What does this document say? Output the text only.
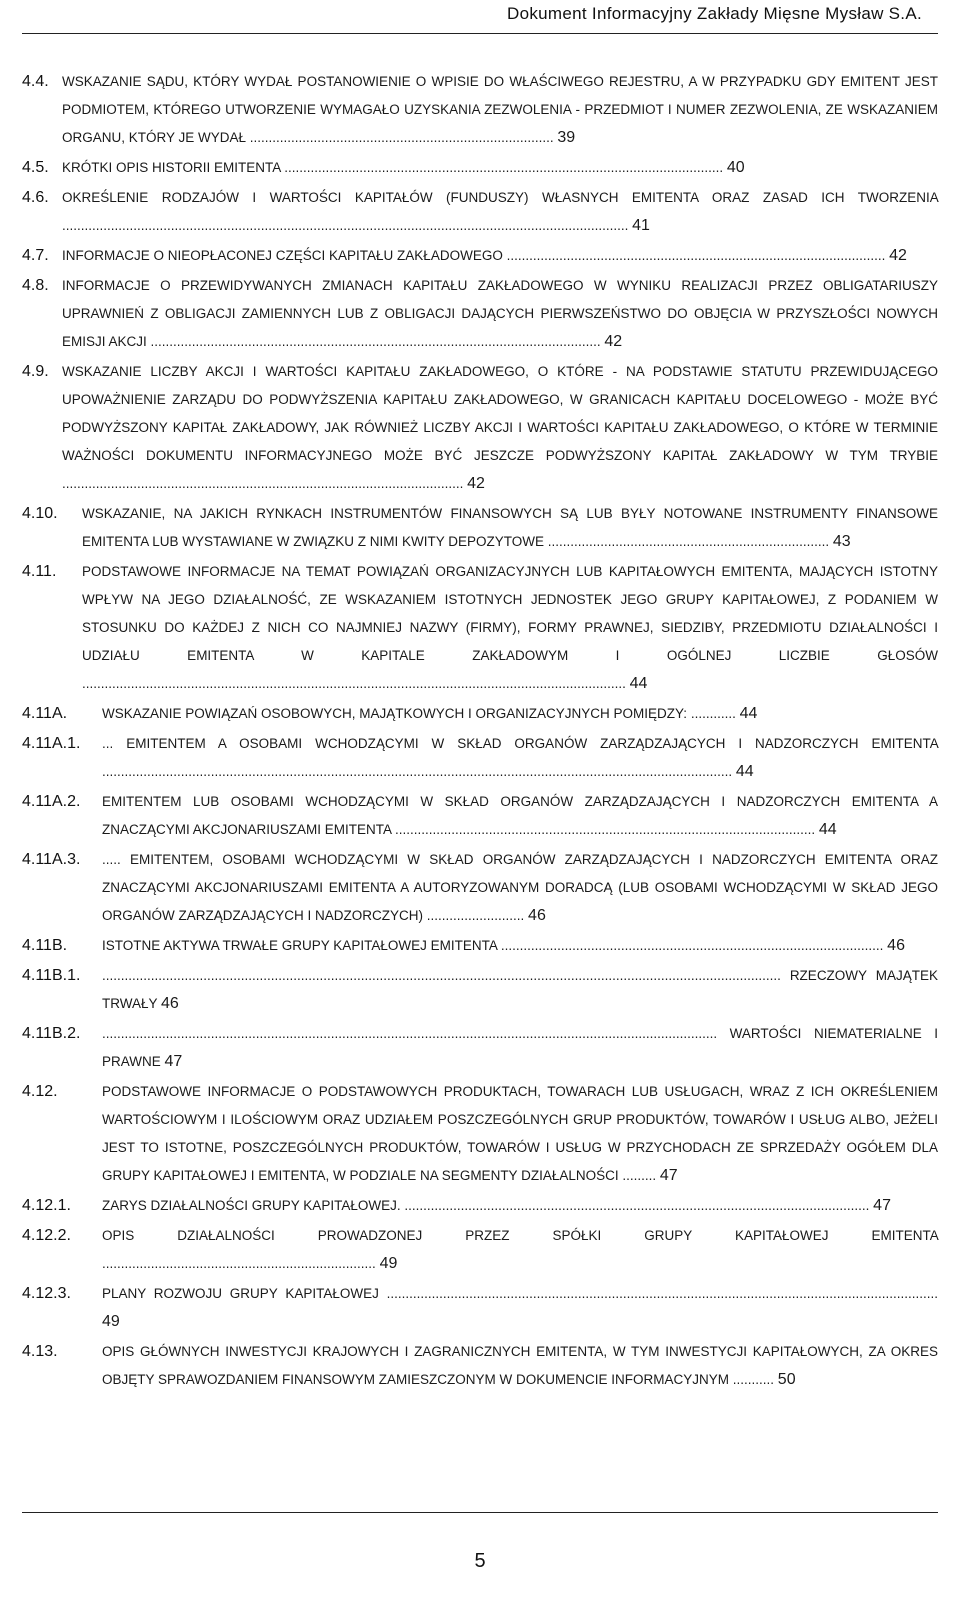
Dokument Informacyjny Zakłady Mięsne Mysław S.A.
4.4. WSKAZANIE SĄDU, KTÓRY WYDAŁ POSTANOWIENIE O WPISIE DO WŁAŚCIWEGO REJESTRU, A W PRZYPADKU GDY EMITENT JEST PODMIOTEM, KTÓREGO UTWORZENIE WYMAGAŁO UZYSKANIA ZEZWOLENIA - PRZEDMIOT I NUMER ZEZWOLENIA, ZE WSKAZANIEM ORGANU, KTÓRY JE WYDAŁ ................................................................................. 39
4.5. KRÓTKI OPIS HISTORII EMITENTA ..................................................................................................................... 40
4.6. OKREŚLENIE RODZAJÓW I WARTOŚCI KAPITAŁÓW (FUNDUSZY) WŁASNYCH EMITENTA ORAZ ZASAD ICH TWORZENIA ....................................................................................................................................................... 41
4.7. INFORMACJE O NIEOPŁACONEJ CZĘŚCI KAPITAŁU ZAKŁADOWEGO ..................................................................................................... 42
4.8. INFORMACJE O PRZEWIDYWANYCH ZMIANACH KAPITAŁU ZAKŁADOWEGO W WYNIKU REALIZACJI PRZEZ OBLIGATARIUSZY UPRAWNIEŃ Z OBLIGACJI ZAMIENNYCH LUB Z OBLIGACJI DAJĄCYCH PIERWSZEŃSTWO DO OBJĘCIA W PRZYSZŁOŚCI NOWYCH EMISJI AKCJI ........................................................................................................................ 42
4.9. WSKAZANIE LICZBY AKCJI I WARTOŚCI KAPITAŁU ZAKŁADOWEGO, O KTÓRE - NA PODSTAWIE STATUTU PRZEWIDUJĄCEGO UPOWAŻNIENIE ZARZĄDU DO PODWYŻSZENIA KAPITAŁU ZAKŁADOWEGO, W GRANICACH KAPITAŁU DOCELOWEGO - MOŻE BYĆ PODWYŻSZONY KAPITAŁ ZAKŁADOWY, JAK RÓWNIEŻ LICZBY AKCJI I WARTOŚCI KAPITAŁU ZAKŁADOWEGO, O KTÓRE W TERMINIE WAŻNOŚCI DOKUMENTU INFORMACYJNEGO MOŻE BYĆ JESZCZE PODWYŻSZONY KAPITAŁ ZAKŁADOWY W TYM TRYBIE ........................................................................................................... 42
4.10. WSKAZANIE, NA JAKICH RYNKACH INSTRUMENTÓW FINANSOWYCH SĄ LUB BYŁY NOTOWANE INSTRUMENTY FINANSOWE EMITENTA LUB WYSTAWIANE W ZWIĄZKU Z NIMI KWITY DEPOZYTOWE ........................................................................... 43
4.11. PODSTAWOWE INFORMACJE NA TEMAT POWIĄZAŃ ORGANIZACYJNYCH LUB KAPITAŁOWYCH EMITENTA, MAJĄCYCH ISTOTNY WPŁYW NA JEGO DZIAŁALNOŚĆ, ZE WSKAZANIEM ISTOTNYCH JEDNOSTEK JEGO GRUPY KAPITAŁOWEJ, Z PODANIEM W STOSUNKU DO KAŻDEJ Z NICH CO NAJMNIEJ NAZWY (FIRMY), FORMY PRAWNEJ, SIEDZIBY, PRZEDMIOTU DZIAŁALNOŚCI I UDZIAŁU EMITENTA W KAPITALE ZAKŁADOWYM I OGÓLNEJ LICZBIE GŁOSÓW ................................................................................................................................................. 44
4.11A.	WSKAZANIE POWIĄZAŃ OSOBOWYCH, MAJĄTKOWYCH I ORGANIZACYJNYCH POMIĘDZY: ............ 44
4.11A.1. ... EMITENTEM A OSOBAMI WCHODZĄCYMI W SKŁAD ORGANÓW ZARZĄDZAJĄCYCH I NADZORCZYCH EMITENTA ........................................................................................................................................................................ 44
4.11A.2. EMITENTEM LUB OSOBAMI WCHODZĄCYMI W SKŁAD ORGANÓW ZARZĄDZAJĄCYCH I NADZORCZYCH EMITENTA A ZNACZĄCYMI AKCJONARIUSZAMI EMITENTA ................................................................................................................ 44
4.11A.3. ..... EMITENTEM, OSOBAMI WCHODZĄCYMI W SKŁAD ORGANÓW ZARZĄDZAJĄCYCH I NADZORCZYCH EMITENTA ORAZ ZNACZĄCYMI AKCJONARIUSZAMI EMITENTA A AUTORYZOWANYM DORADCĄ (LUB OSOBAMI WCHODZĄCYMI W SKŁAD JEGO ORGANÓW ZARZĄDZAJĄCYCH I NADZORCZYCH) .......................... 46
4.11B.	ISTOTNE AKTYWA TRWAŁE GRUPY KAPITAŁOWEJ EMITENTA ...................................................................................................... 46
4.11B.1. ..................................................................................................................................................................................... RZECZOWY MAJĄTEK TRWAŁY 46
4.11B.2. .................................................................................................................................................................... WARTOŚCI NIEMATERIALNE I PRAWNE 47
4.12.	PODSTAWOWE INFORMACJE O PODSTAWOWYCH PRODUKTACH, TOWARACH LUB USŁUGACH, WRAZ Z ICH OKREŚLENIEM WARTOŚCIOWYM I ILOŚCIOWYM ORAZ UDZIAŁEM POSZCZEGÓLNYCH GRUP PRODUKTÓW, TOWARÓW I USŁUG ALBO, JEŻELI JEST TO ISTOTNE, POSZCZEGÓLNYCH PRODUKTÓW, TOWARÓW I USŁUG W PRZYCHODACH ZE SPRZEDAŻY OGÓŁEM DLA GRUPY KAPITAŁOWEJ I EMITENTA, W PODZIALE NA SEGMENTY DZIAŁALNOŚCI ......... 47
4.12.1. ZARYS DZIAŁALNOŚCI GRUPY KAPITAŁOWEJ. ............................................................................................................................ 47
4.12.2. OPIS DZIAŁALNOŚCI PROWADZONEJ PRZEZ SPÓŁKI GRUPY KAPITAŁOWEJ EMITENTA ......................................................................... 49
4.12.3. PLANY ROZWOJU GRUPY KAPITAŁOWEJ ................................................................................................................................................... 49
4.13.	OPIS GŁÓWNYCH INWESTYCJI KRAJOWYCH I ZAGRANICZNYCH EMITENTA, W TYM INWESTYCJI KAPITAŁOWYCH, ZA OKRES OBJĘTY SPRAWOZDANIEM FINANSOWYM ZAMIESZCZONYM W DOKUMENCIE INFORMACYJNYM ........... 50
5
